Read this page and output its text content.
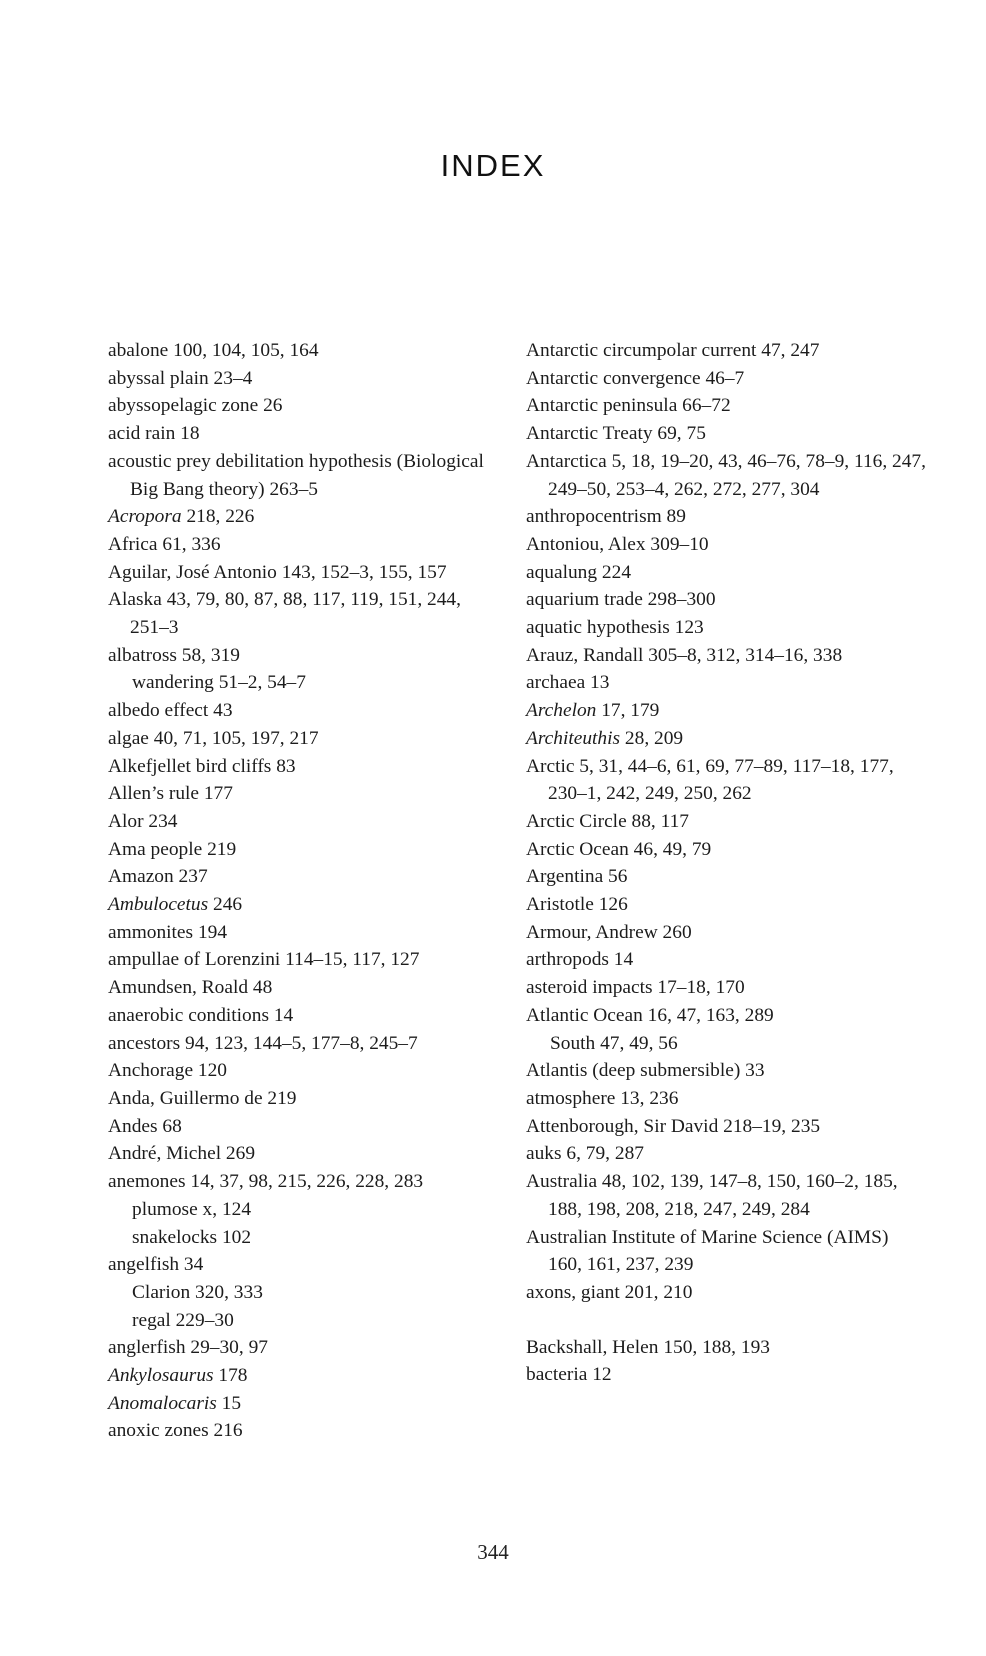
INDEX
abalone 100, 104, 105, 164
abyssal plain 23–4
abyssopelagic zone 26
acid rain 18
acoustic prey debilitation hypothesis (Biological Big Bang theory) 263–5
Acropora 218, 226
Africa 61, 336
Aguilar, José Antonio 143, 152–3, 155, 157
Alaska 43, 79, 80, 87, 88, 117, 119, 151, 244, 251–3
albatross 58, 319
wandering 51–2, 54–7
albedo effect 43
algae 40, 71, 105, 197, 217
Alkefjellet bird cliffs 83
Allen’s rule 177
Alor 234
Ama people 219
Amazon 237
Ambulocetus 246
ammonites 194
ampullae of Lorenzini 114–15, 117, 127
Amundsen, Roald 48
anaerobic conditions 14
ancestors 94, 123, 144–5, 177–8, 245–7
Anchorage 120
Anda, Guillermo de 219
Andes 68
André, Michel 269
anemones 14, 37, 98, 215, 226, 228, 283
plumose x, 124
snakelocks 102
angelfish 34
Clarion 320, 333
regal 229–30
anglerfish 29–30, 97
Ankylosaurus 178
Anomalocaris 15
anoxic zones 216
Antarctic circumpolar current 47, 247
Antarctic convergence 46–7
Antarctic peninsula 66–72
Antarctic Treaty 69, 75
Antarctica 5, 18, 19–20, 43, 46–76, 78–9, 116, 247, 249–50, 253–4, 262, 272, 277, 304
anthropocentrism 89
Antoniou, Alex 309–10
aqualung 224
aquarium trade 298–300
aquatic hypothesis 123
Arauz, Randall 305–8, 312, 314–16, 338
archaea 13
Archelon 17, 179
Architeuthis 28, 209
Arctic 5, 31, 44–6, 61, 69, 77–89, 117–18, 177, 230–1, 242, 249, 250, 262
Arctic Circle 88, 117
Arctic Ocean 46, 49, 79
Argentina 56
Aristotle 126
Armour, Andrew 260
arthropods 14
asteroid impacts 17–18, 170
Atlantic Ocean 16, 47, 163, 289
South 47, 49, 56
Atlantis (deep submersible) 33
atmosphere 13, 236
Attenborough, Sir David 218–19, 235
auks 6, 79, 287
Australia 48, 102, 139, 147–8, 150, 160–2, 185, 188, 198, 208, 218, 247, 249, 284
Australian Institute of Marine Science (AIMS) 160, 161, 237, 239
axons, giant 201, 210
Backshall, Helen 150, 188, 193
bacteria 12
344
